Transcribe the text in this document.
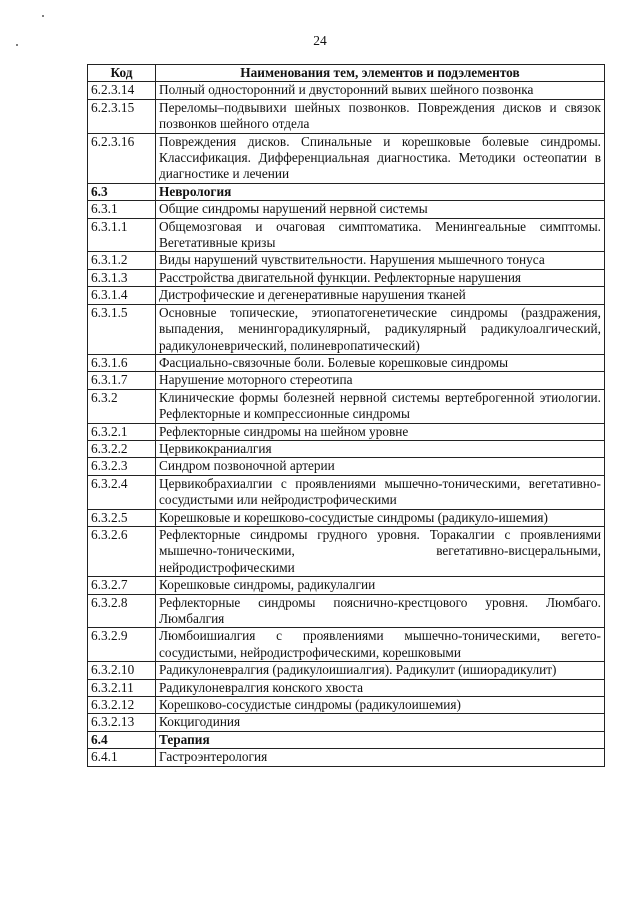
24
Код	Наименования тем, элементов и подэлементов
6.2.3.14	Полный односторонний и двусторонний вывих шейного позвонка
6.2.3.15	Переломы–подвывихи шейных позвонков. Повреждения дисков и связок позвонков шейного отдела
6.2.3.16	Повреждения дисков. Спинальные и корешковые болевые синдромы. Классификация. Дифференциальная диагностика. Методики остеопатии в диагностике и лечении
6.3	Неврология
6.3.1	Общие синдромы нарушений нервной системы
6.3.1.1	Общемозговая и очаговая симптоматика. Менингеальные симптомы. Вегетативные кризы
6.3.1.2	Виды нарушений чувствительности. Нарушения мышечного тонуса
6.3.1.3	Расстройства двигательной функции. Рефлекторные нарушения
6.3.1.4	Дистрофические и дегенеративные нарушения тканей
6.3.1.5	Основные топические, этиопатогенетические синдромы (раздражения, выпадения, менингорадикулярный, радикулярный радикулоалгический, радикулоневрический, полиневропатический)
6.3.1.6	Фасциально-связочные боли. Болевые корешковые синдромы
6.3.1.7	Нарушение моторного стереотипа
6.3.2	Клинические формы болезней нервной системы вертеброгенной этиологии. Рефлекторные и компрессионные синдромы
6.3.2.1	Рефлекторные синдромы на шейном уровне
6.3.2.2	Цервикокраниалгия
6.3.2.3	Синдром позвоночной артерии
6.3.2.4	Цервикобрахиалгии с проявлениями мышечно-тоническими, вегетативно-сосудистыми или нейродистрофическими
6.3.2.5	Корешковые и корешково-сосудистые синдромы (радикуло-ишемия)
6.3.2.6	Рефлекторные синдромы грудного уровня. Торакалгии с проявлениями мышечно-тоническими, вегетативно-висцеральными, нейродистрофическими
6.3.2.7	Корешковые синдромы, радикулалгии
6.3.2.8	Рефлекторные синдромы пояснично-крестцового уровня. Люмбаго. Люмбалгия
6.3.2.9	Люмбоишиалгия с проявлениями мышечно-тоническими, вегето-сосудистыми, нейродистрофическими, корешковыми
6.3.2.10	Радикулоневралгия (радикулоишиалгия). Радикулит (ишиорадикулит)
6.3.2.11	Радикулоневралгия конского хвоста
6.3.2.12	Корешково-сосудистые синдромы (радикулоишемия)
6.3.2.13	Кокцигодиния
6.4	Терапия
6.4.1	Гастроэнтерология
